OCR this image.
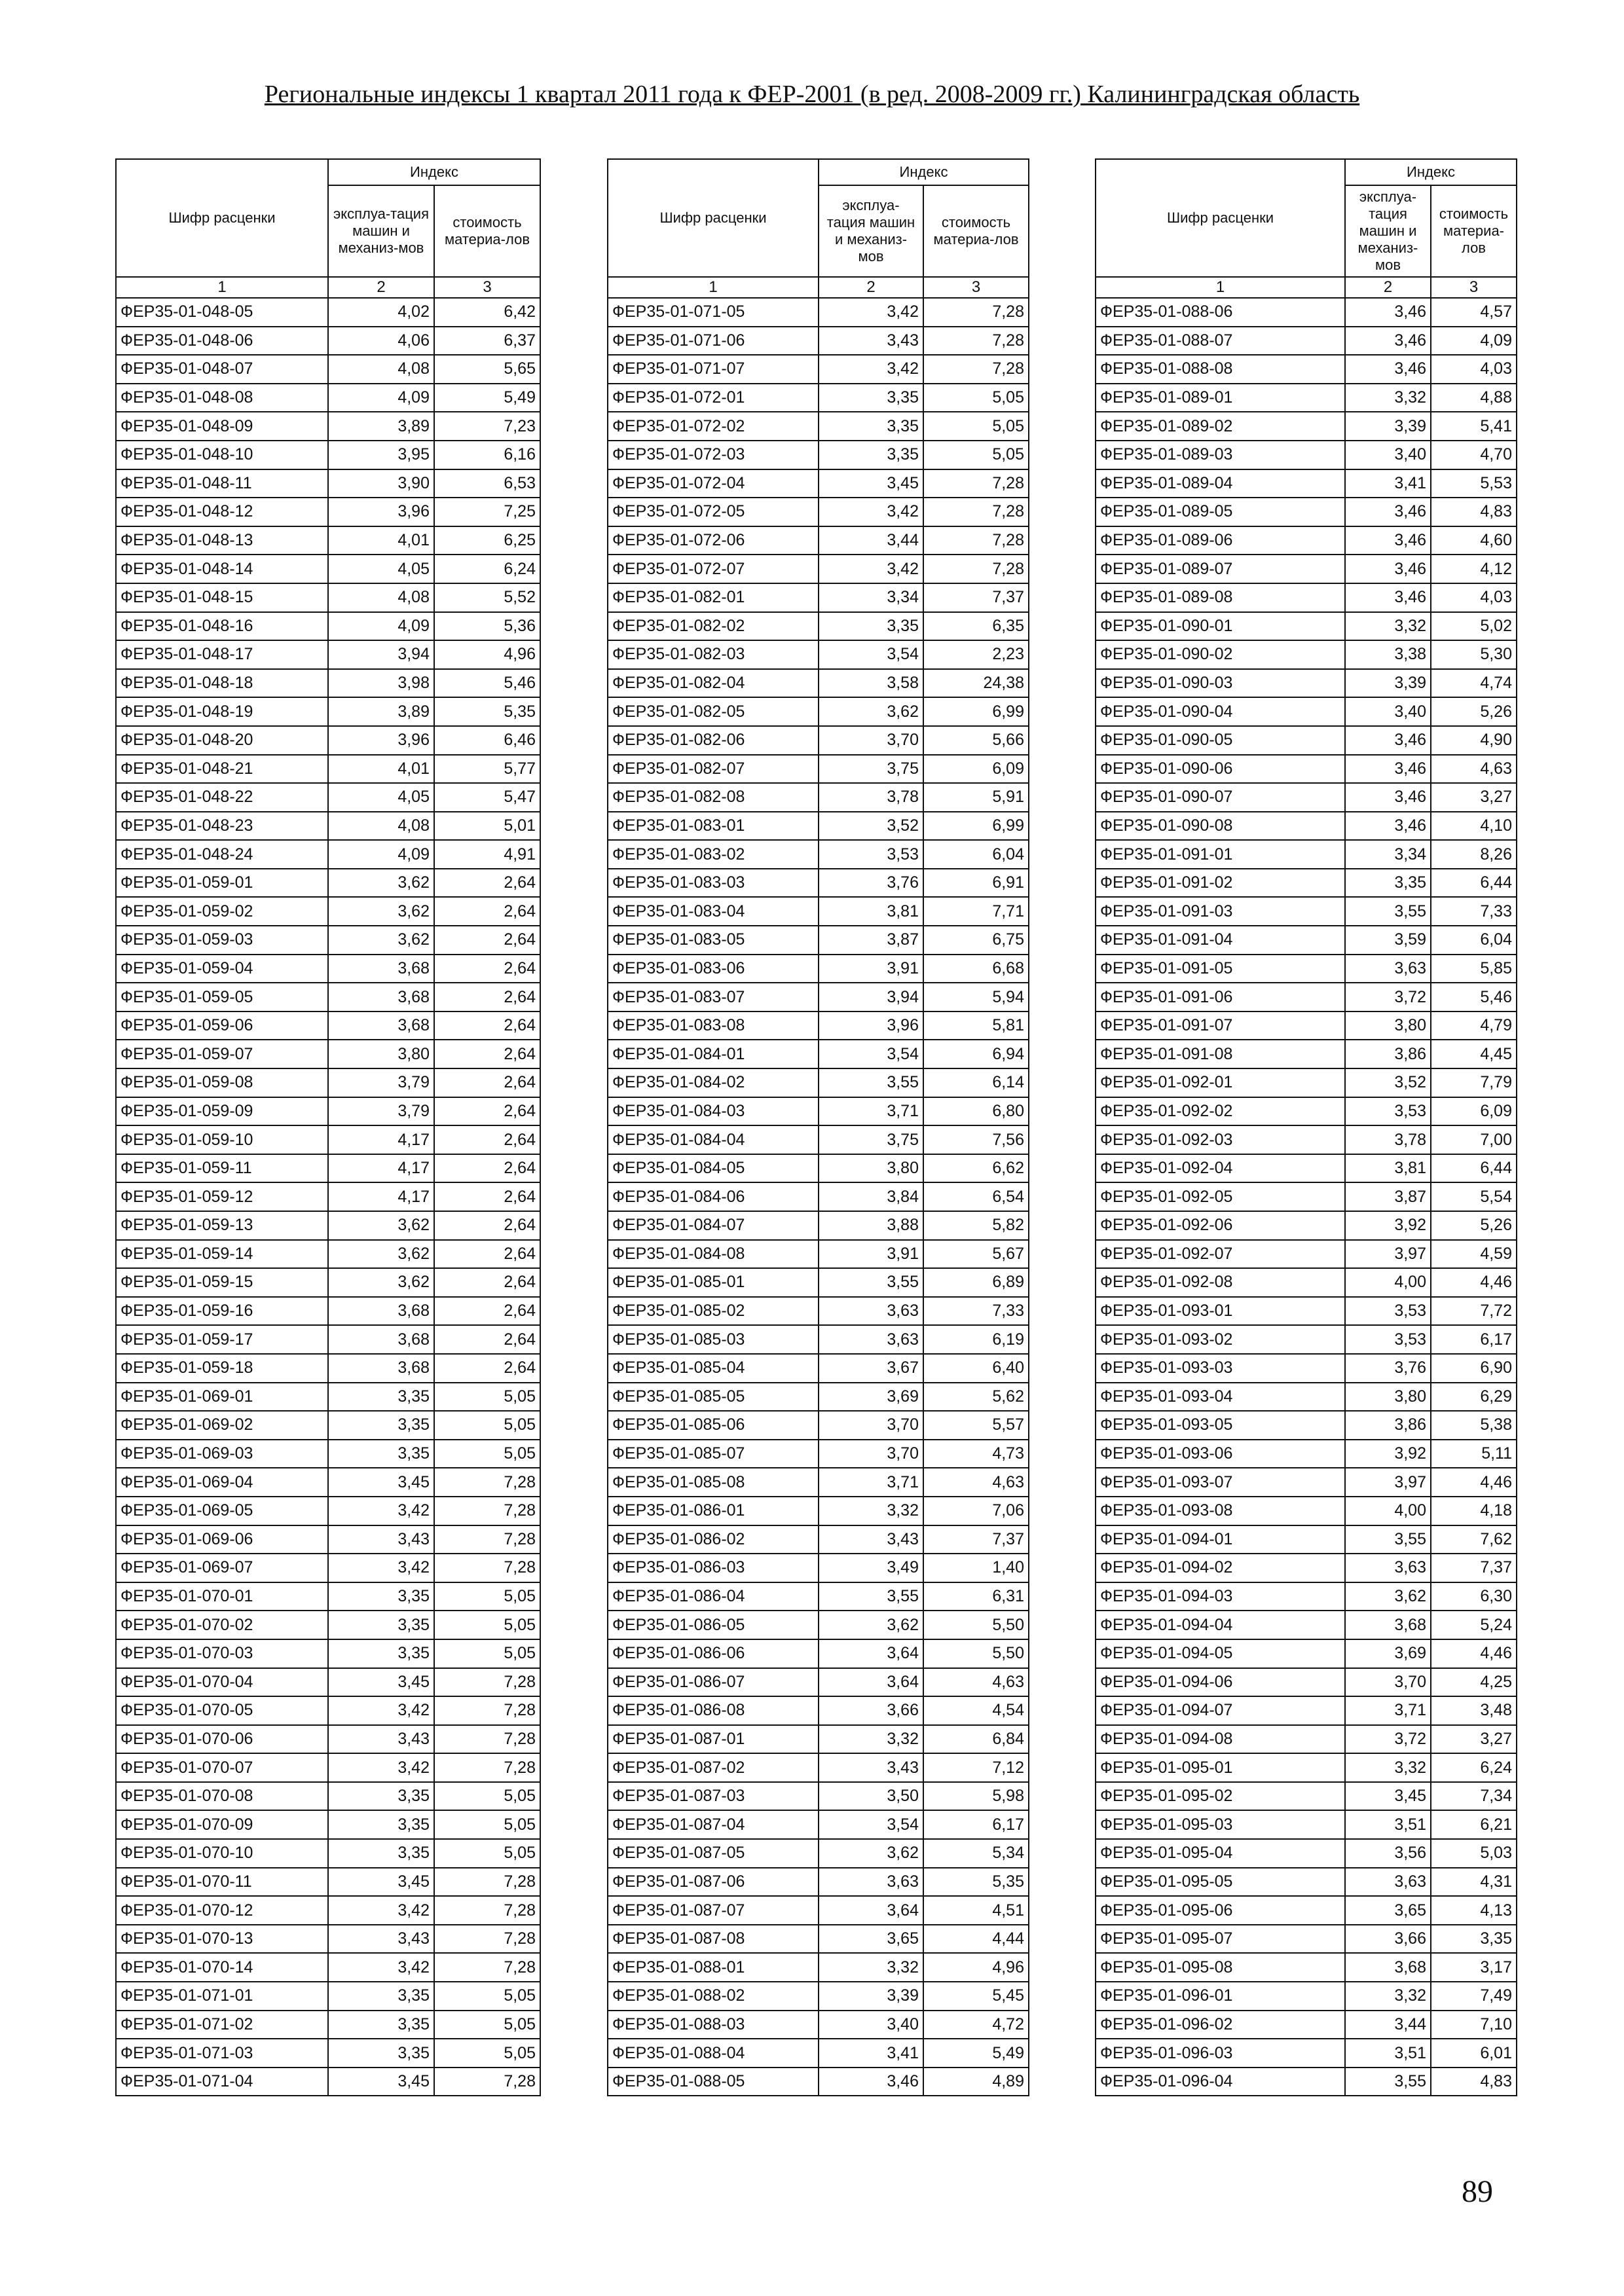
Региональные индексы 1 квартал 2011 года к ФЕР-2001 (в ред. 2008-2009 гг.) Калининградская область
Шифр расценки	Индекс	
	эксплуа-тация машин и механиз-мов	стоимость материа-лов
1	2	3
ФЕР35-01-048-05	4,02	6,42
ФЕР35-01-048-06	4,06	6,37
ФЕР35-01-048-07	4,08	5,65
ФЕР35-01-048-08	4,09	5,49
ФЕР35-01-048-09	3,89	7,23
ФЕР35-01-048-10	3,95	6,16
ФЕР35-01-048-11	3,90	6,53
ФЕР35-01-048-12	3,96	7,25
ФЕР35-01-048-13	4,01	6,25
ФЕР35-01-048-14	4,05	6,24
ФЕР35-01-048-15	4,08	5,52
ФЕР35-01-048-16	4,09	5,36
ФЕР35-01-048-17	3,94	4,96
ФЕР35-01-048-18	3,98	5,46
ФЕР35-01-048-19	3,89	5,35
ФЕР35-01-048-20	3,96	6,46
ФЕР35-01-048-21	4,01	5,77
ФЕР35-01-048-22	4,05	5,47
ФЕР35-01-048-23	4,08	5,01
ФЕР35-01-048-24	4,09	4,91
ФЕР35-01-059-01	3,62	2,64
ФЕР35-01-059-02	3,62	2,64
ФЕР35-01-059-03	3,62	2,64
ФЕР35-01-059-04	3,68	2,64
ФЕР35-01-059-05	3,68	2,64
ФЕР35-01-059-06	3,68	2,64
ФЕР35-01-059-07	3,80	2,64
ФЕР35-01-059-08	3,79	2,64
ФЕР35-01-059-09	3,79	2,64
ФЕР35-01-059-10	4,17	2,64
ФЕР35-01-059-11	4,17	2,64
ФЕР35-01-059-12	4,17	2,64
ФЕР35-01-059-13	3,62	2,64
ФЕР35-01-059-14	3,62	2,64
ФЕР35-01-059-15	3,62	2,64
ФЕР35-01-059-16	3,68	2,64
ФЕР35-01-059-17	3,68	2,64
ФЕР35-01-059-18	3,68	2,64
ФЕР35-01-069-01	3,35	5,05
ФЕР35-01-069-02	3,35	5,05
ФЕР35-01-069-03	3,35	5,05
ФЕР35-01-069-04	3,45	7,28
ФЕР35-01-069-05	3,42	7,28
ФЕР35-01-069-06	3,43	7,28
ФЕР35-01-069-07	3,42	7,28
ФЕР35-01-070-01	3,35	5,05
ФЕР35-01-070-02	3,35	5,05
ФЕР35-01-070-03	3,35	5,05
ФЕР35-01-070-04	3,45	7,28
ФЕР35-01-070-05	3,42	7,28
ФЕР35-01-070-06	3,43	7,28
ФЕР35-01-070-07	3,42	7,28
ФЕР35-01-070-08	3,35	5,05
ФЕР35-01-070-09	3,35	5,05
ФЕР35-01-070-10	3,35	5,05
ФЕР35-01-070-11	3,45	7,28
ФЕР35-01-070-12	3,42	7,28
ФЕР35-01-070-13	3,43	7,28
ФЕР35-01-070-14	3,42	7,28
ФЕР35-01-071-01	3,35	5,05
ФЕР35-01-071-02	3,35	5,05
ФЕР35-01-071-03	3,35	5,05
ФЕР35-01-071-04	3,45	7,28
Шифр расценки	Индекс	
	эксплуа-тация машин и механиз-мов	стоимость материа-лов
1	2	3
ФЕР35-01-071-05	3,42	7,28
ФЕР35-01-071-06	3,43	7,28
ФЕР35-01-071-07	3,42	7,28
ФЕР35-01-072-01	3,35	5,05
ФЕР35-01-072-02	3,35	5,05
ФЕР35-01-072-03	3,35	5,05
ФЕР35-01-072-04	3,45	7,28
ФЕР35-01-072-05	3,42	7,28
ФЕР35-01-072-06	3,44	7,28
ФЕР35-01-072-07	3,42	7,28
ФЕР35-01-082-01	3,34	7,37
ФЕР35-01-082-02	3,35	6,35
ФЕР35-01-082-03	3,54	2,23
ФЕР35-01-082-04	3,58	24,38
ФЕР35-01-082-05	3,62	6,99
ФЕР35-01-082-06	3,70	5,66
ФЕР35-01-082-07	3,75	6,09
ФЕР35-01-082-08	3,78	5,91
ФЕР35-01-083-01	3,52	6,99
ФЕР35-01-083-02	3,53	6,04
ФЕР35-01-083-03	3,76	6,91
ФЕР35-01-083-04	3,81	7,71
ФЕР35-01-083-05	3,87	6,75
ФЕР35-01-083-06	3,91	6,68
ФЕР35-01-083-07	3,94	5,94
ФЕР35-01-083-08	3,96	5,81
ФЕР35-01-084-01	3,54	6,94
ФЕР35-01-084-02	3,55	6,14
ФЕР35-01-084-03	3,71	6,80
ФЕР35-01-084-04	3,75	7,56
ФЕР35-01-084-05	3,80	6,62
ФЕР35-01-084-06	3,84	6,54
ФЕР35-01-084-07	3,88	5,82
ФЕР35-01-084-08	3,91	5,67
ФЕР35-01-085-01	3,55	6,89
ФЕР35-01-085-02	3,63	7,33
ФЕР35-01-085-03	3,63	6,19
ФЕР35-01-085-04	3,67	6,40
ФЕР35-01-085-05	3,69	5,62
ФЕР35-01-085-06	3,70	5,57
ФЕР35-01-085-07	3,70	4,73
ФЕР35-01-085-08	3,71	4,63
ФЕР35-01-086-01	3,32	7,06
ФЕР35-01-086-02	3,43	7,37
ФЕР35-01-086-03	3,49	1,40
ФЕР35-01-086-04	3,55	6,31
ФЕР35-01-086-05	3,62	5,50
ФЕР35-01-086-06	3,64	5,50
ФЕР35-01-086-07	3,64	4,63
ФЕР35-01-086-08	3,66	4,54
ФЕР35-01-087-01	3,32	6,84
ФЕР35-01-087-02	3,43	7,12
ФЕР35-01-087-03	3,50	5,98
ФЕР35-01-087-04	3,54	6,17
ФЕР35-01-087-05	3,62	5,34
ФЕР35-01-087-06	3,63	5,35
ФЕР35-01-087-07	3,64	4,51
ФЕР35-01-087-08	3,65	4,44
ФЕР35-01-088-01	3,32	4,96
ФЕР35-01-088-02	3,39	5,45
ФЕР35-01-088-03	3,40	4,72
ФЕР35-01-088-04	3,41	5,49
ФЕР35-01-088-05	3,46	4,89
Шифр расценки	Индекс	
	эксплуа-тация машин и механиз-мов	стоимость материа-лов
1	2	3
ФЕР35-01-088-06	3,46	4,57
ФЕР35-01-088-07	3,46	4,09
ФЕР35-01-088-08	3,46	4,03
ФЕР35-01-089-01	3,32	4,88
ФЕР35-01-089-02	3,39	5,41
ФЕР35-01-089-03	3,40	4,70
ФЕР35-01-089-04	3,41	5,53
ФЕР35-01-089-05	3,46	4,83
ФЕР35-01-089-06	3,46	4,60
ФЕР35-01-089-07	3,46	4,12
ФЕР35-01-089-08	3,46	4,03
ФЕР35-01-090-01	3,32	5,02
ФЕР35-01-090-02	3,38	5,30
ФЕР35-01-090-03	3,39	4,74
ФЕР35-01-090-04	3,40	5,26
ФЕР35-01-090-05	3,46	4,90
ФЕР35-01-090-06	3,46	4,63
ФЕР35-01-090-07	3,46	3,27
ФЕР35-01-090-08	3,46	4,10
ФЕР35-01-091-01	3,34	8,26
ФЕР35-01-091-02	3,35	6,44
ФЕР35-01-091-03	3,55	7,33
ФЕР35-01-091-04	3,59	6,04
ФЕР35-01-091-05	3,63	5,85
ФЕР35-01-091-06	3,72	5,46
ФЕР35-01-091-07	3,80	4,79
ФЕР35-01-091-08	3,86	4,45
ФЕР35-01-092-01	3,52	7,79
ФЕР35-01-092-02	3,53	6,09
ФЕР35-01-092-03	3,78	7,00
ФЕР35-01-092-04	3,81	6,44
ФЕР35-01-092-05	3,87	5,54
ФЕР35-01-092-06	3,92	5,26
ФЕР35-01-092-07	3,97	4,59
ФЕР35-01-092-08	4,00	4,46
ФЕР35-01-093-01	3,53	7,72
ФЕР35-01-093-02	3,53	6,17
ФЕР35-01-093-03	3,76	6,90
ФЕР35-01-093-04	3,80	6,29
ФЕР35-01-093-05	3,86	5,38
ФЕР35-01-093-06	3,92	5,11
ФЕР35-01-093-07	3,97	4,46
ФЕР35-01-093-08	4,00	4,18
ФЕР35-01-094-01	3,55	7,62
ФЕР35-01-094-02	3,63	7,37
ФЕР35-01-094-03	3,62	6,30
ФЕР35-01-094-04	3,68	5,24
ФЕР35-01-094-05	3,69	4,46
ФЕР35-01-094-06	3,70	4,25
ФЕР35-01-094-07	3,71	3,48
ФЕР35-01-094-08	3,72	3,27
ФЕР35-01-095-01	3,32	6,24
ФЕР35-01-095-02	3,45	7,34
ФЕР35-01-095-03	3,51	6,21
ФЕР35-01-095-04	3,56	5,03
ФЕР35-01-095-05	3,63	4,31
ФЕР35-01-095-06	3,65	4,13
ФЕР35-01-095-07	3,66	3,35
ФЕР35-01-095-08	3,68	3,17
ФЕР35-01-096-01	3,32	7,49
ФЕР35-01-096-02	3,44	7,10
ФЕР35-01-096-03	3,51	6,01
ФЕР35-01-096-04	3,55	4,83
89
